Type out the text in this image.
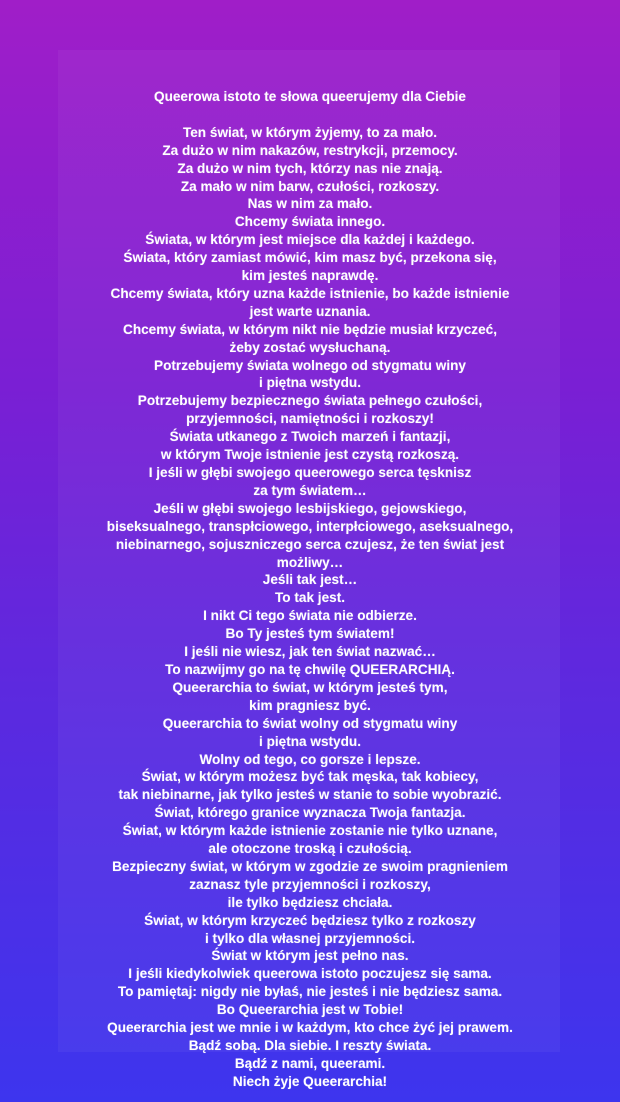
Queerowa istoto te słowa queerujemy dla Ciebie
Ten świat, w którym żyjemy, to za mało.
Za dużo w nim nakazów, restrykcji, przemocy.
Za dużo w nim tych, którzy nas nie znają.
Za mało w nim barw, czułości, rozkoszy.
Nas w nim za mało.
Chcemy świata innego.
Świata, w którym jest miejsce dla każdej i każdego.
Świata, który zamiast mówić, kim masz być, przekona się,
kim jesteś naprawdę.
Chcemy świata, który uzna każde istnienie, bo każde istnienie
jest warte uznania.
Chcemy świata, w którym nikt nie będzie musiał krzyczeć,
żeby zostać wysłuchaną.
Potrzebujemy świata wolnego od stygmatu winy
i piętna wstydu.
Potrzebujemy bezpiecznego świata pełnego czułości,
przyjemności, namiętności i rozkoszy!
Świata utkanego z Twoich marzeń i fantazji,
w którym Twoje istnienie jest czystą rozkoszą.
I jeśli w głębi swojego queerowego serca tęsknisz
za tym światem…
Jeśli w głębi swojego lesbijskiego, gejowskiego,
biseksualnego, transpłciowego, interpłciowego, aseksualnego,
niebinarnego, sojuszniczego serca czujesz, że ten świat jest
możliwy…
Jeśli tak jest…
To tak jest.
I nikt Ci tego świata nie odbierze.
Bo Ty jesteś tym światem!
I jeśli nie wiesz, jak ten świat nazwać…
To nazwijmy go na tę chwilę QUEERARCHIĄ.
Queerarchia to świat, w którym jesteś tym,
kim pragniesz być.
Queerarchia to świat wolny od stygmatu winy
i piętna wstydu.
Wolny od tego, co gorsze i lepsze.
Świat, w którym możesz być tak męska, tak kobiecy,
tak niebinarne, jak tylko jesteś w stanie to sobie wyobrazić.
Świat, którego granice wyznacza Twoja fantazja.
Świat, w którym każde istnienie zostanie nie tylko uznane,
ale otoczone troską i czułością.
Bezpieczny świat, w którym w zgodzie ze swoim pragnieniem
zaznasz tyle przyjemności i rozkoszy,
ile tylko będziesz chciała.
Świat, w którym krzyczeć będziesz tylko z rozkoszy
i tylko dla własnej przyjemności.
Świat w którym jest pełno nas.
I jeśli kiedykolwiek queerowa istoto poczujesz się sama.
To pamiętaj: nigdy nie byłaś, nie jesteś i nie będziesz sama.
Bo Queerarchia jest w Tobie!
Queerarchia jest we mnie i w każdym, kto chce żyć jej prawem.
Bądź sobą. Dla siebie. I reszty świata.
Bądź z nami, queerami.
Niech żyje Queerarchia!
